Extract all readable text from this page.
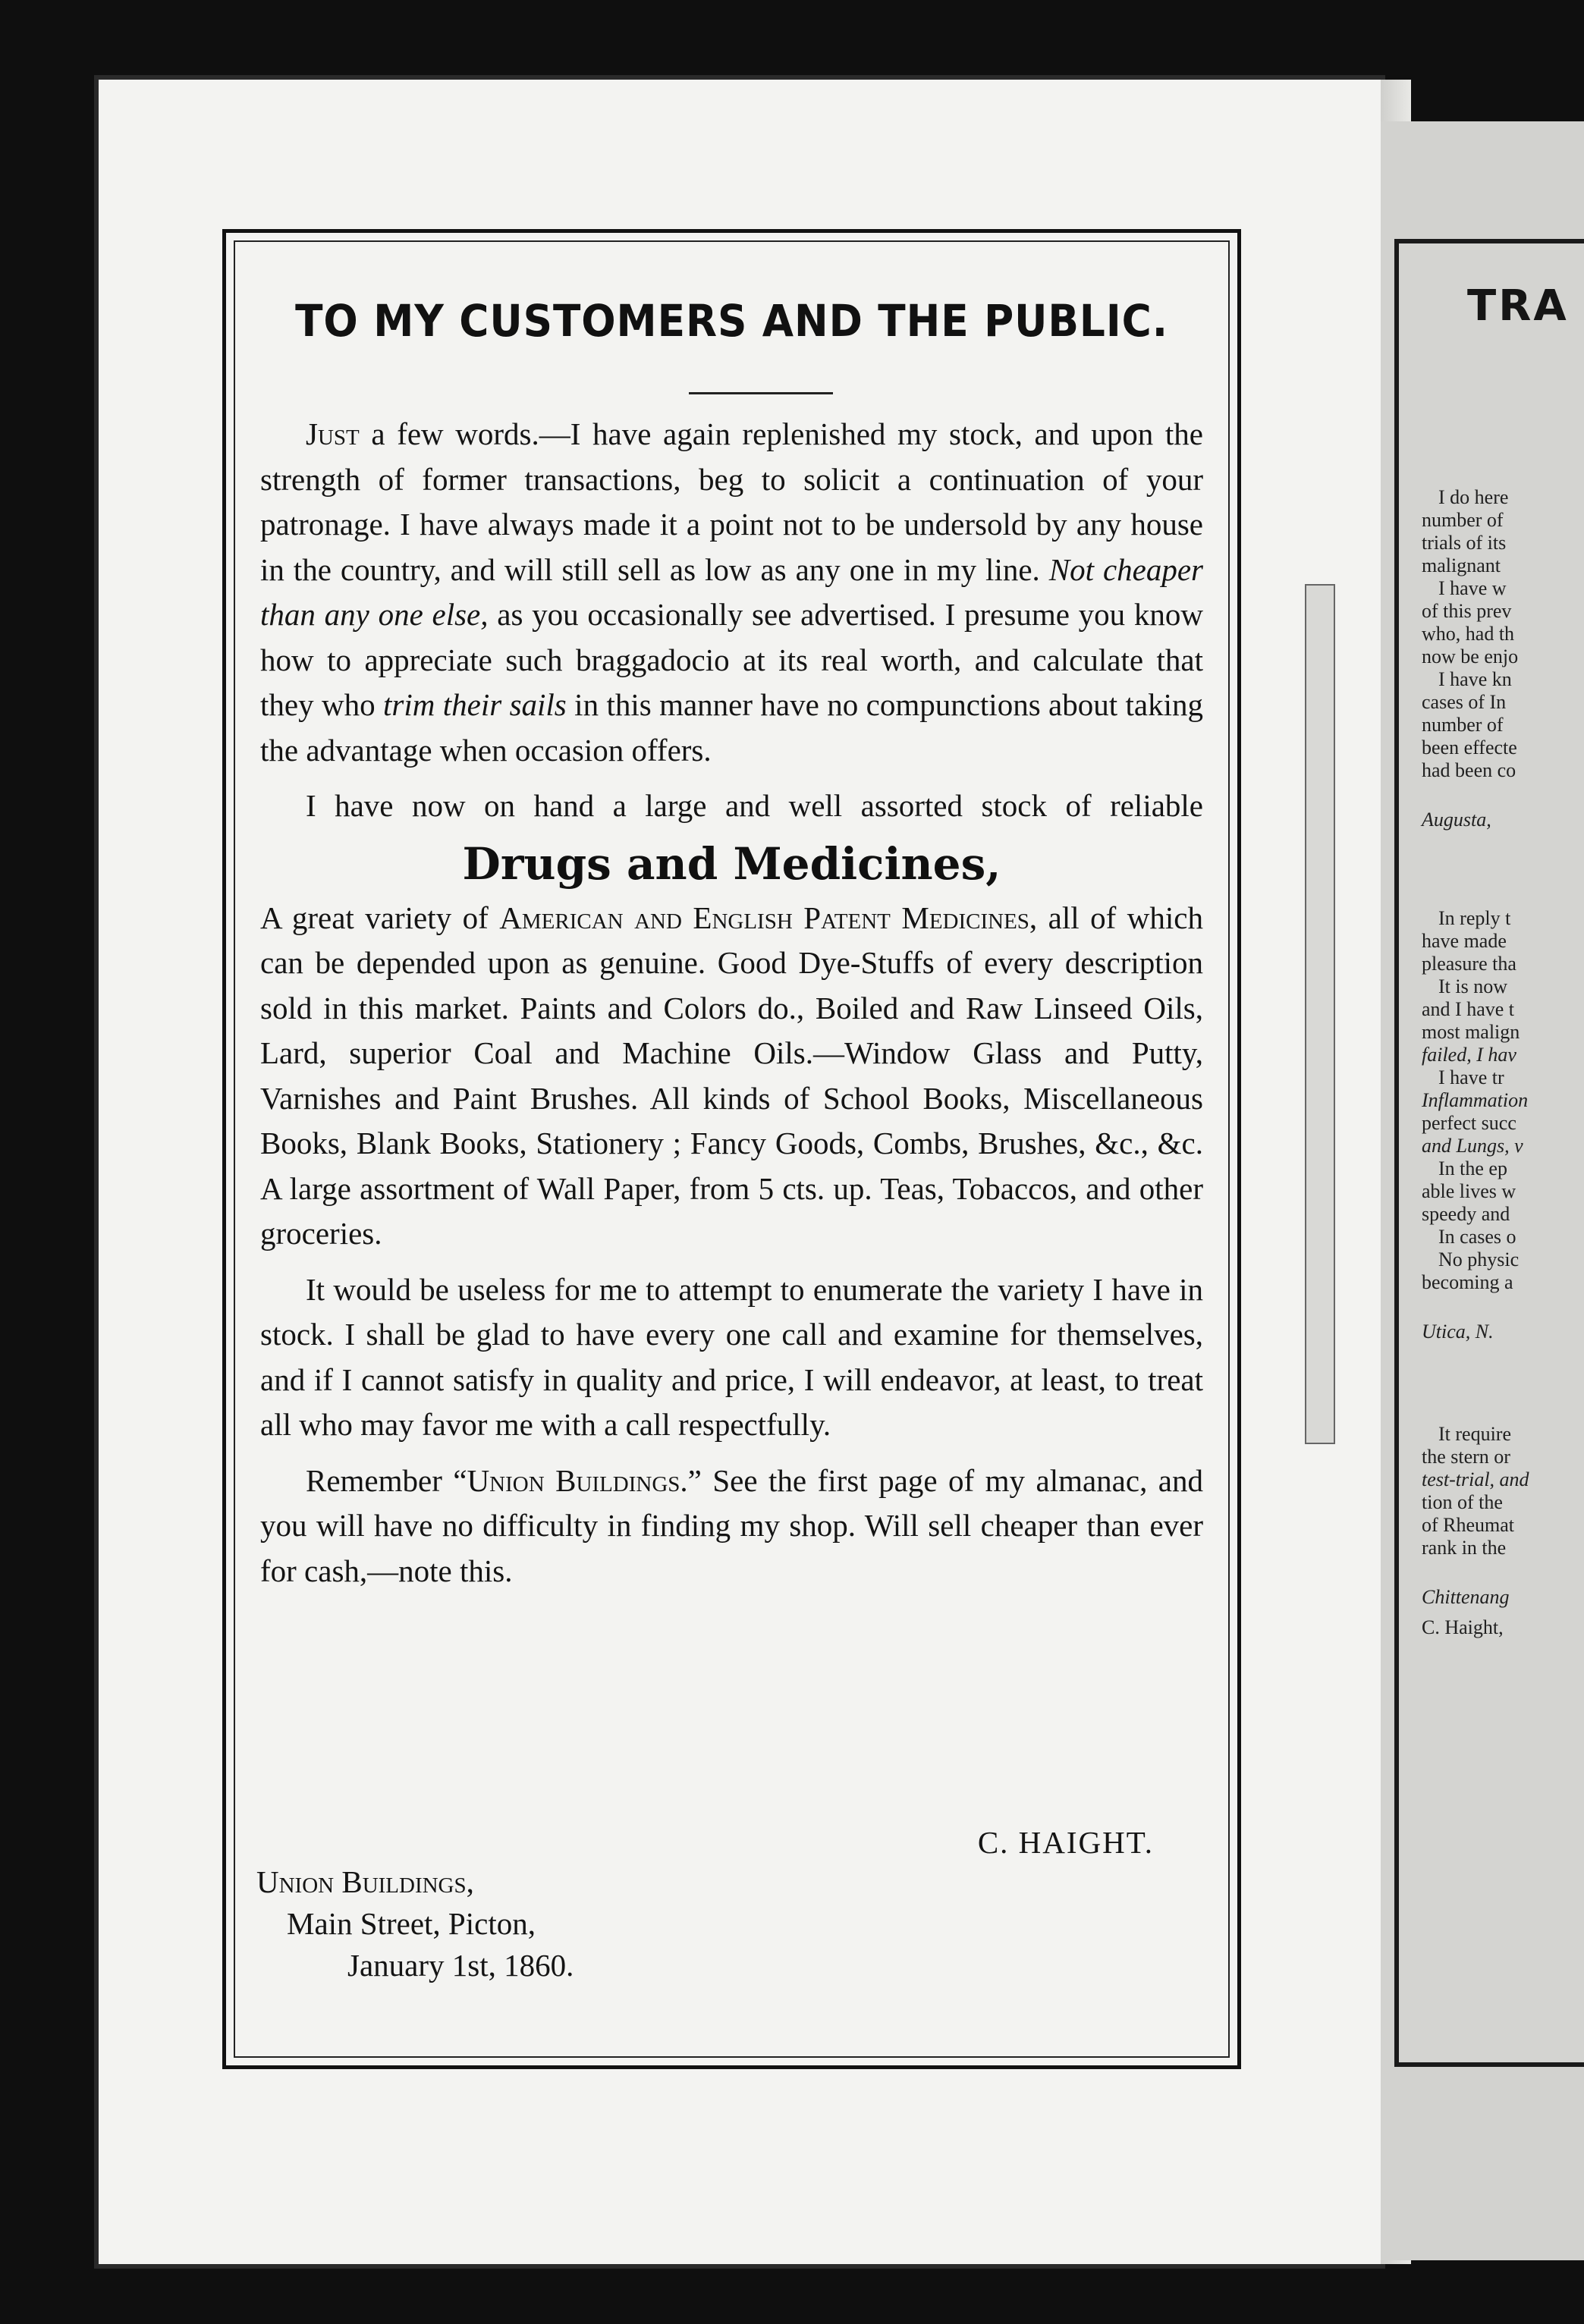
TRA
I do here
number of
trials of its
malignant
I have w
of this prev
who, had th
now be enjo
I have kn
cases of In
number of
been effecte
had been co
Augusta,
In reply t
have made
pleasure tha
It is now
and I have t
most malign
failed, I hav
I have tr
Inflammation
perfect succ
and Lungs, v
In the ep
able lives w
speedy and
In cases o
No physic
becoming a
Utica, N.
It require
the stern or
test-trial, and
tion of the
of Rheumat
rank in the
Chittenang
C. Haight,
TO MY CUSTOMERS AND THE PUBLIC.

Just a few words.—I have again replenished my stock, and upon the strength of former transactions, beg to solicit a continuation of your patronage. I have always made it a point not to be undersold by any house in the country, and will still sell as low as any one in my line. Not cheaper than any one else, as you occasionally see advertised. I presume you know how to appreciate such braggadocio at its real worth, and calculate that they who trim their sails in this manner have no compunctions about taking the advantage when occasion offers.

I have now on hand a large and well assorted stock of reliable

Drugs and Medicines,

A great variety of American and English Patent Medicines, all of which can be depended upon as genuine. Good Dye-Stuffs of every description sold in this market. Paints and Colors do., Boiled and Raw Linseed Oils, Lard, superior Coal and Machine Oils.—Window Glass and Putty, Varnishes and Paint Brushes. All kinds of School Books, Miscellaneous Books, Blank Books, Stationery ; Fancy Goods, Combs, Brushes, &c., &c. A large assortment of Wall Paper, from 5 cts. up. Teas, Tobaccos, and other groceries.

It would be useless for me to attempt to enumerate the variety I have in stock. I shall be glad to have every one call and examine for themselves, and if I cannot satisfy in quality and price, I will endeavor, at least, to treat all who may favor me with a call respectfully.

Remember “Union Buildings.” See the first page of my almanac, and you will have no difficulty in finding my shop. Will sell cheaper than ever for cash,—note this.

C. HAIGHT.
Union Buildings,
Main Street, Picton,
January 1st, 1860.
